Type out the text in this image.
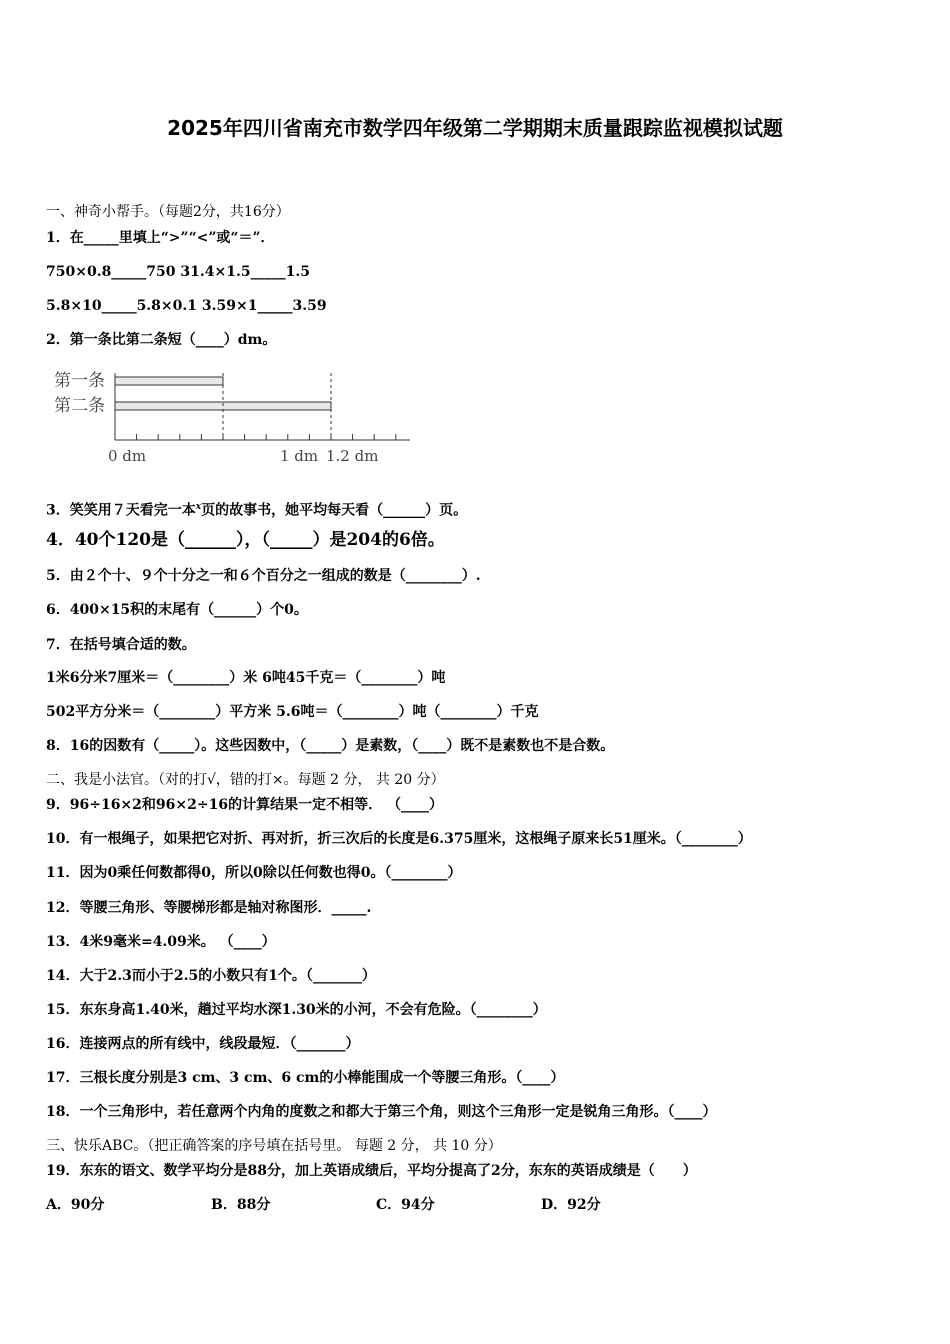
2025年四川省南充市数学四年级第二学期期末质量跟踪监视模拟试题
一、神奇小帮手。（每题2分，共16分）
1．在_____里填上“>”“<”或“＝”．
750×0.8_____750 31.4×1.5_____1.5
5.8×10_____5.8×0.1 3.59×1_____3.59
2．第一条比第二条短（____）dm。
第一条
第二条
0 dm	1 dm 1.2 dm
3．笑笑用７天看完一本$^x$页的故事书，她平均每天看（______）页。
4．40个120是（______），（_____）是204的6倍。
5．由２个十、９个十分之一和６个百分之一组成的数是（________）.
6．400×15积的末尾有（______）个0。
7．在括号填合适的数。
1米6分米7厘米＝（________）米 6吨45千克＝（________）吨
502平方分米＝（________）平方米 5.6吨＝（________）吨（________）千克
8．16的因数有（_____）。这些因数中，（_____）是素数，（____）既不是素数也不是合数。
二、我是小法官。（对的打√，错的打×。每题 2 分， 共 20 分）
9．96÷16×2和96×2÷16的计算结果一定不相等． （____）
10．有一根绳子，如果把它对折、再对折，折三次后的长度是6.375厘米，这根绳子原来长51厘米。（________）
11．因为0乘任何数都得0，所以0除以任何数也得0。（________）
12．等腰三角形、等腰梯形都是轴对称图形．_____.
13．4米9毫米=4.09米。 （____）
14．大于2.3而小于2.5的小数只有1个。（_______）
15．东东身高1.40米，趟过平均水深1.30米的小河，不会有危险。（________）
16．连接两点的所有线中，线段最短．（_______）
17．三根长度分别是3 cm、3 cm、6 cm的小棒能围成一个等腰三角形。（____）
18．一个三角形中，若任意两个内角的度数之和都大于第三个角，则这个三角形一定是锐角三角形。（____）
三、快乐ABC。（把正确答案的序号填在括号里。 每题 2 分， 共 10 分）
19．东东的语文、数学平均分是88分，加上英语成绩后，平均分提高了2分，东东的英语成绩是（　　）
A．90分	B．88分	C．94分	D．92分
